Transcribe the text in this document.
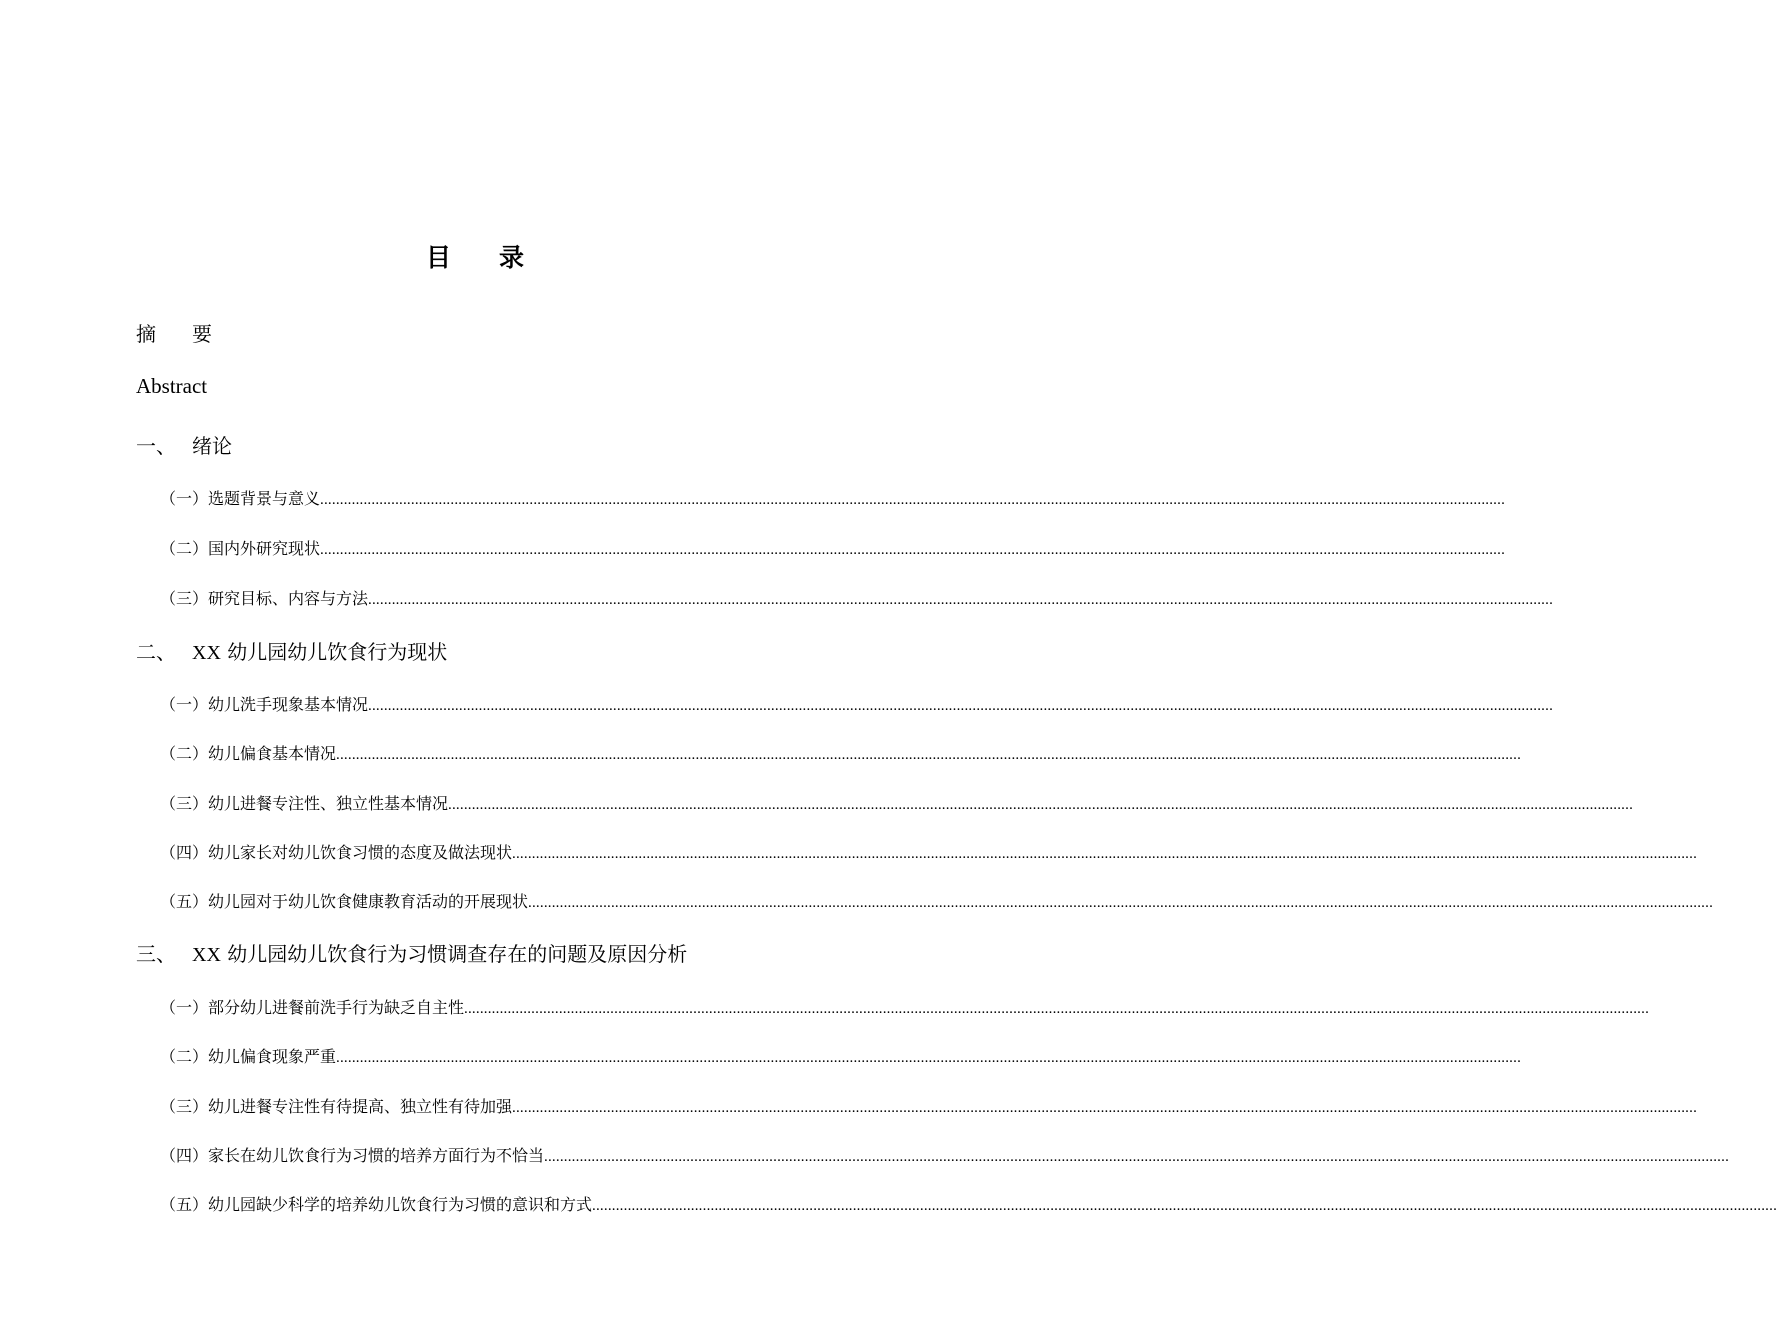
目 录
摘 要
Abstract
一、 绪论
（一）选题背景与意义 ............................................................................................................................................................................................................................................................................................................
（二）国内外研究现状 ............................................................................................................................................................................................................................................................................................................
（三）研究目标、内容与方法 ............................................................................................................................................................................................................................................................................................................
二、 XX 幼儿园幼儿饮食行为现状
（一）幼儿洗手现象基本情况 ............................................................................................................................................................................................................................................................................................................
（二）幼儿偏食基本情况 ............................................................................................................................................................................................................................................................................................................
（三）幼儿进餐专注性、独立性基本情况 ............................................................................................................................................................................................................................................................................................................
（四）幼儿家长对幼儿饮食习惯的态度及做法现状 ............................................................................................................................................................................................................................................................................................................
（五）幼儿园对于幼儿饮食健康教育活动的开展现状 ............................................................................................................................................................................................................................................................................................................
三、 XX 幼儿园幼儿饮食行为习惯调查存在的问题及原因分析
（一）部分幼儿进餐前洗手行为缺乏自主性 ............................................................................................................................................................................................................................................................................................................
（二）幼儿偏食现象严重 ............................................................................................................................................................................................................................................................................................................
（三）幼儿进餐专注性有待提高、独立性有待加强 ............................................................................................................................................................................................................................................................................................................
（四）家长在幼儿饮食行为习惯的培养方面行为不恰当 ............................................................................................................................................................................................................................................................................................................
（五）幼儿园缺少科学的培养幼儿饮食行为习惯的意识和方式 ............................................................................................................................................................................................................................................................................................................
